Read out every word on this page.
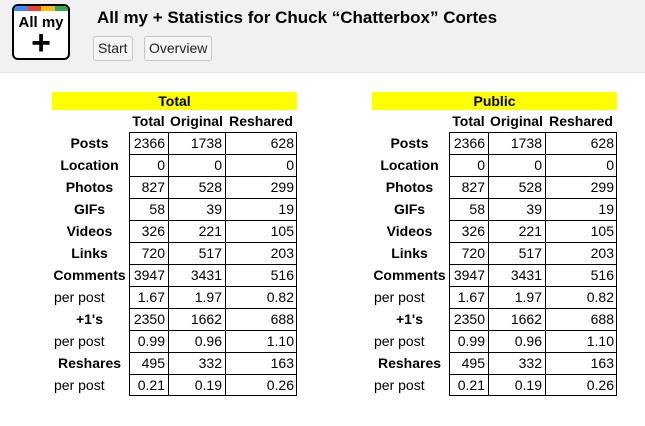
All my
+
All my + Statistics for Chuck “Chatterbox” Cortes
Start	Overview
Total
Total Original Reshared
Posts	2366	1738	628
Location	0	0	0
Photos	827	528	299
GIFs	58	39	19
Videos	326	221	105
Links	720	517	203
Comments 3947	3431	516
per post	1.67	1.97	0.82
+1's	2350	1662	688
per post	0.99	0.96	1.10
Reshares	495	332	163
per post	0.21	0.19	0.26
Public
Total Original Reshared
Posts	2366	1738	628
Location	0	0	0
Photos	827	528	299
GIFs	58	39	19
Videos	326	221	105
Links	720	517	203
Comments 3947	3431	516
per post	1.67	1.97	0.82
+1's	2350	1662	688
per post	0.99	0.96	1.10
Reshares	495	332	163
per post	0.21	0.19	0.26
